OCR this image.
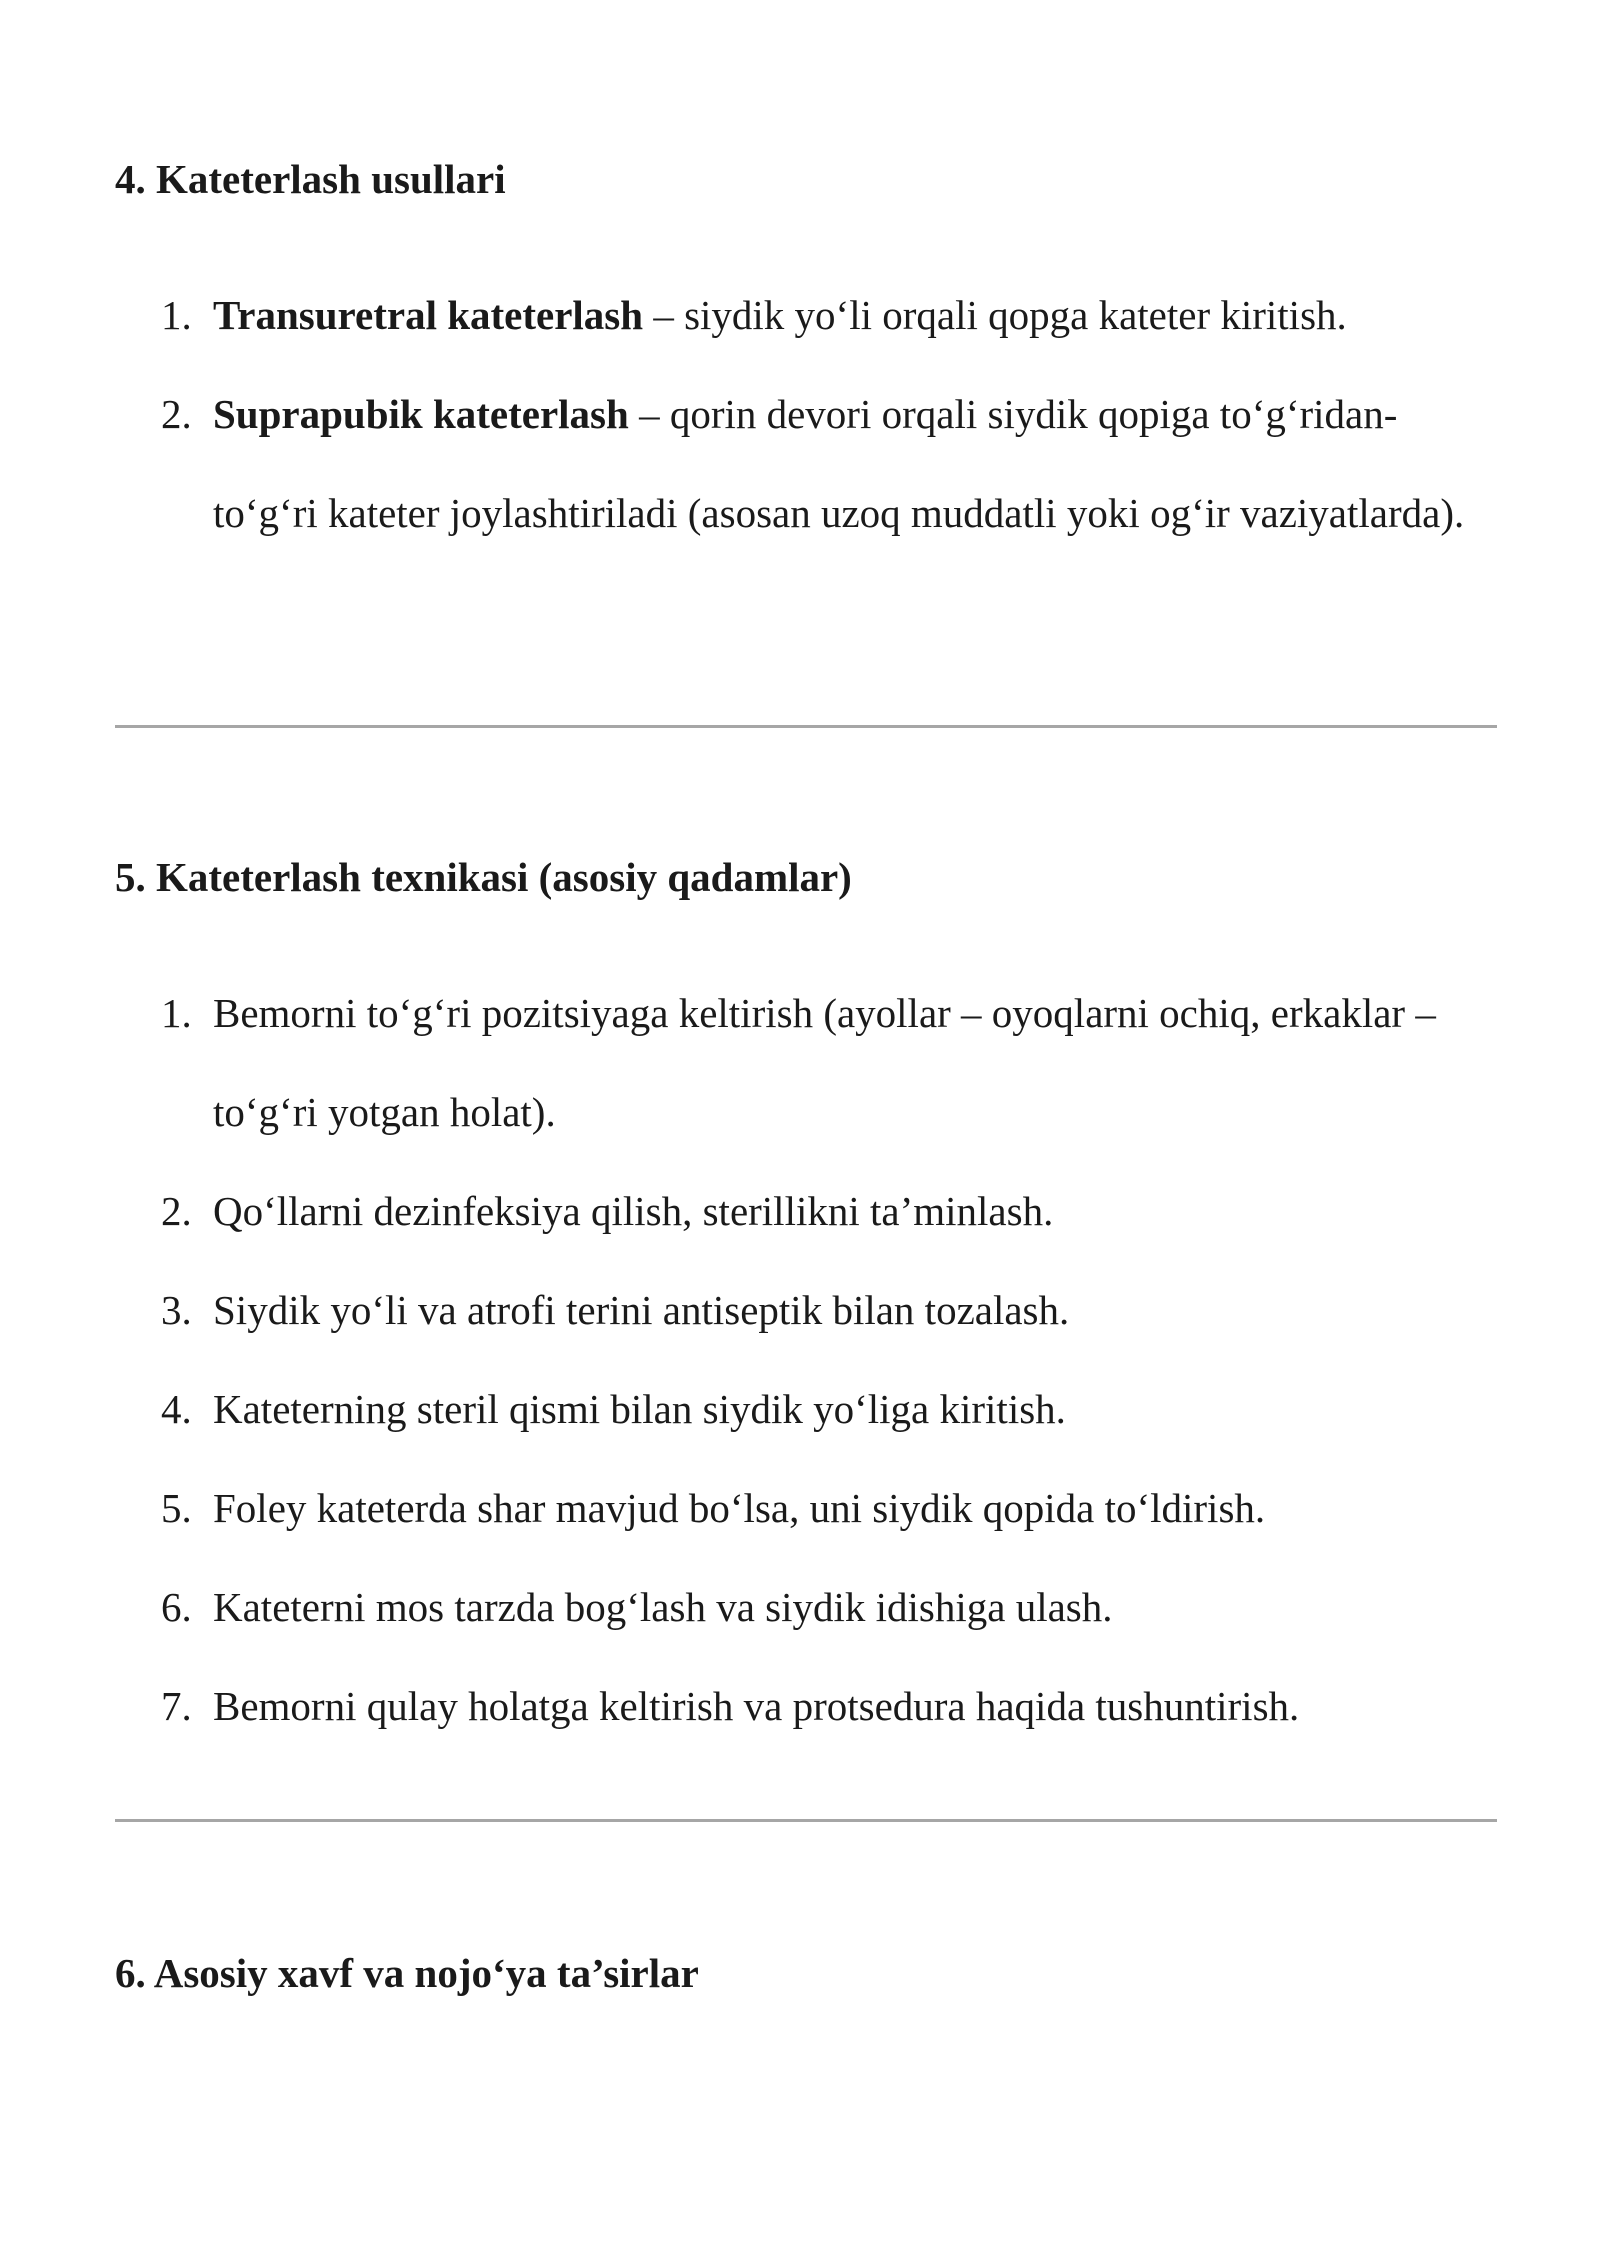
4. Kateterlash usullari
1. Transuretral kateterlash – siydik yo‘li orqali qopga kateter kiritish.
2. Suprapubik kateterlash – qorin devori orqali siydik qopiga to‘g‘ridan-to‘g‘ri kateter joylashtiriladi (asosan uzoq muddatli yoki og‘ir vaziyatlarda).
5. Kateterlash texnikasi (asosiy qadamlar)
1. Bemorni to‘g‘ri pozitsiyaga keltirish (ayollar – oyoqlarni ochiq, erkaklar – to‘g‘ri yotgan holat).
2. Qo‘llarni dezinfeksiya qilish, sterillikni ta’minlash.
3. Siydik yo‘li va atrofi terini antiseptik bilan tozalash.
4. Kateterning steril qismi bilan siydik yo‘liga kiritish.
5. Foley kateterda shar mavjud bo‘lsa, uni siydik qopida to‘ldirish.
6. Kateterni mos tarzda bog‘lash va siydik idishiga ulash.
7. Bemorni qulay holatga keltirish va protsedura haqida tushuntirish.
6. Asosiy xavf va nojo‘ya ta’sirlar
